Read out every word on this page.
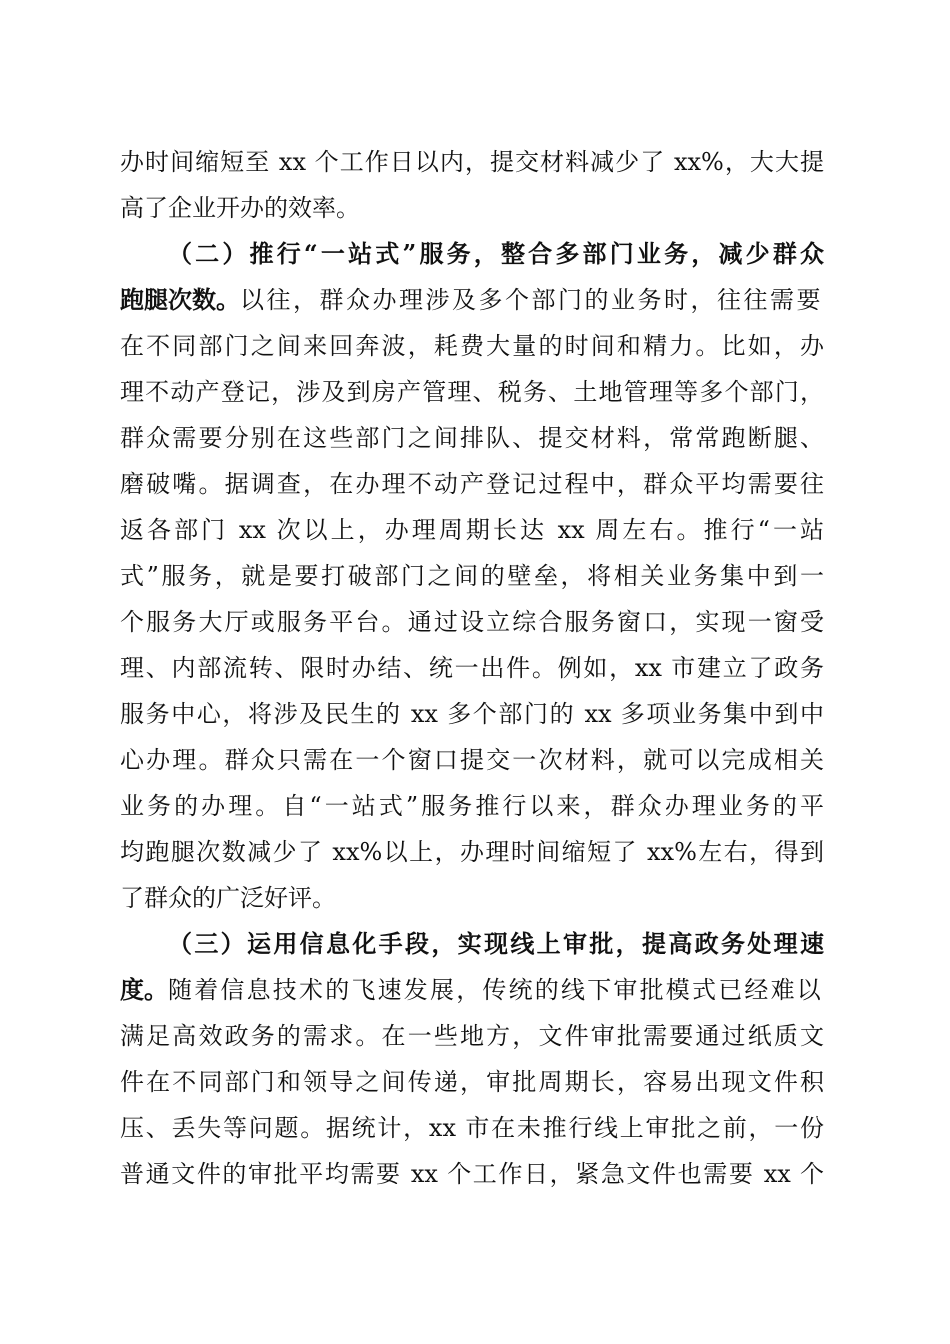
办时间缩短至 xx 个工作日以内，提交材料减少了 xx%，大大提
高了企业开办的效率。
（二）推行“一站式”服务，整合多部门业务，减少群众
跑腿次数。以往，群众办理涉及多个部门的业务时，往往需要
在不同部门之间来回奔波，耗费大量的时间和精力。比如，办
理不动产登记，涉及到房产管理、税务、土地管理等多个部门，
群众需要分别在这些部门之间排队、提交材料，常常跑断腿、
磨破嘴。据调查，在办理不动产登记过程中，群众平均需要往
返各部门 xx 次以上，办理周期长达 xx 周左右。推行“一站
式”服务，就是要打破部门之间的壁垒，将相关业务集中到一
个服务大厅或服务平台。通过设立综合服务窗口，实现一窗受
理、内部流转、限时办结、统一出件。例如，xx 市建立了政务
服务中心，将涉及民生的 xx 多个部门的 xx 多项业务集中到中
心办理。群众只需在一个窗口提交一次材料，就可以完成相关
业务的办理。自“一站式”服务推行以来，群众办理业务的平
均跑腿次数减少了 xx%以上，办理时间缩短了 xx%左右，得到
了群众的广泛好评。
（三）运用信息化手段，实现线上审批，提高政务处理速
度。随着信息技术的飞速发展，传统的线下审批模式已经难以
满足高效政务的需求。在一些地方，文件审批需要通过纸质文
件在不同部门和领导之间传递，审批周期长，容易出现文件积
压、丢失等问题。据统计，xx 市在未推行线上审批之前，一份
普通文件的审批平均需要 xx 个工作日，紧急文件也需要 xx 个
